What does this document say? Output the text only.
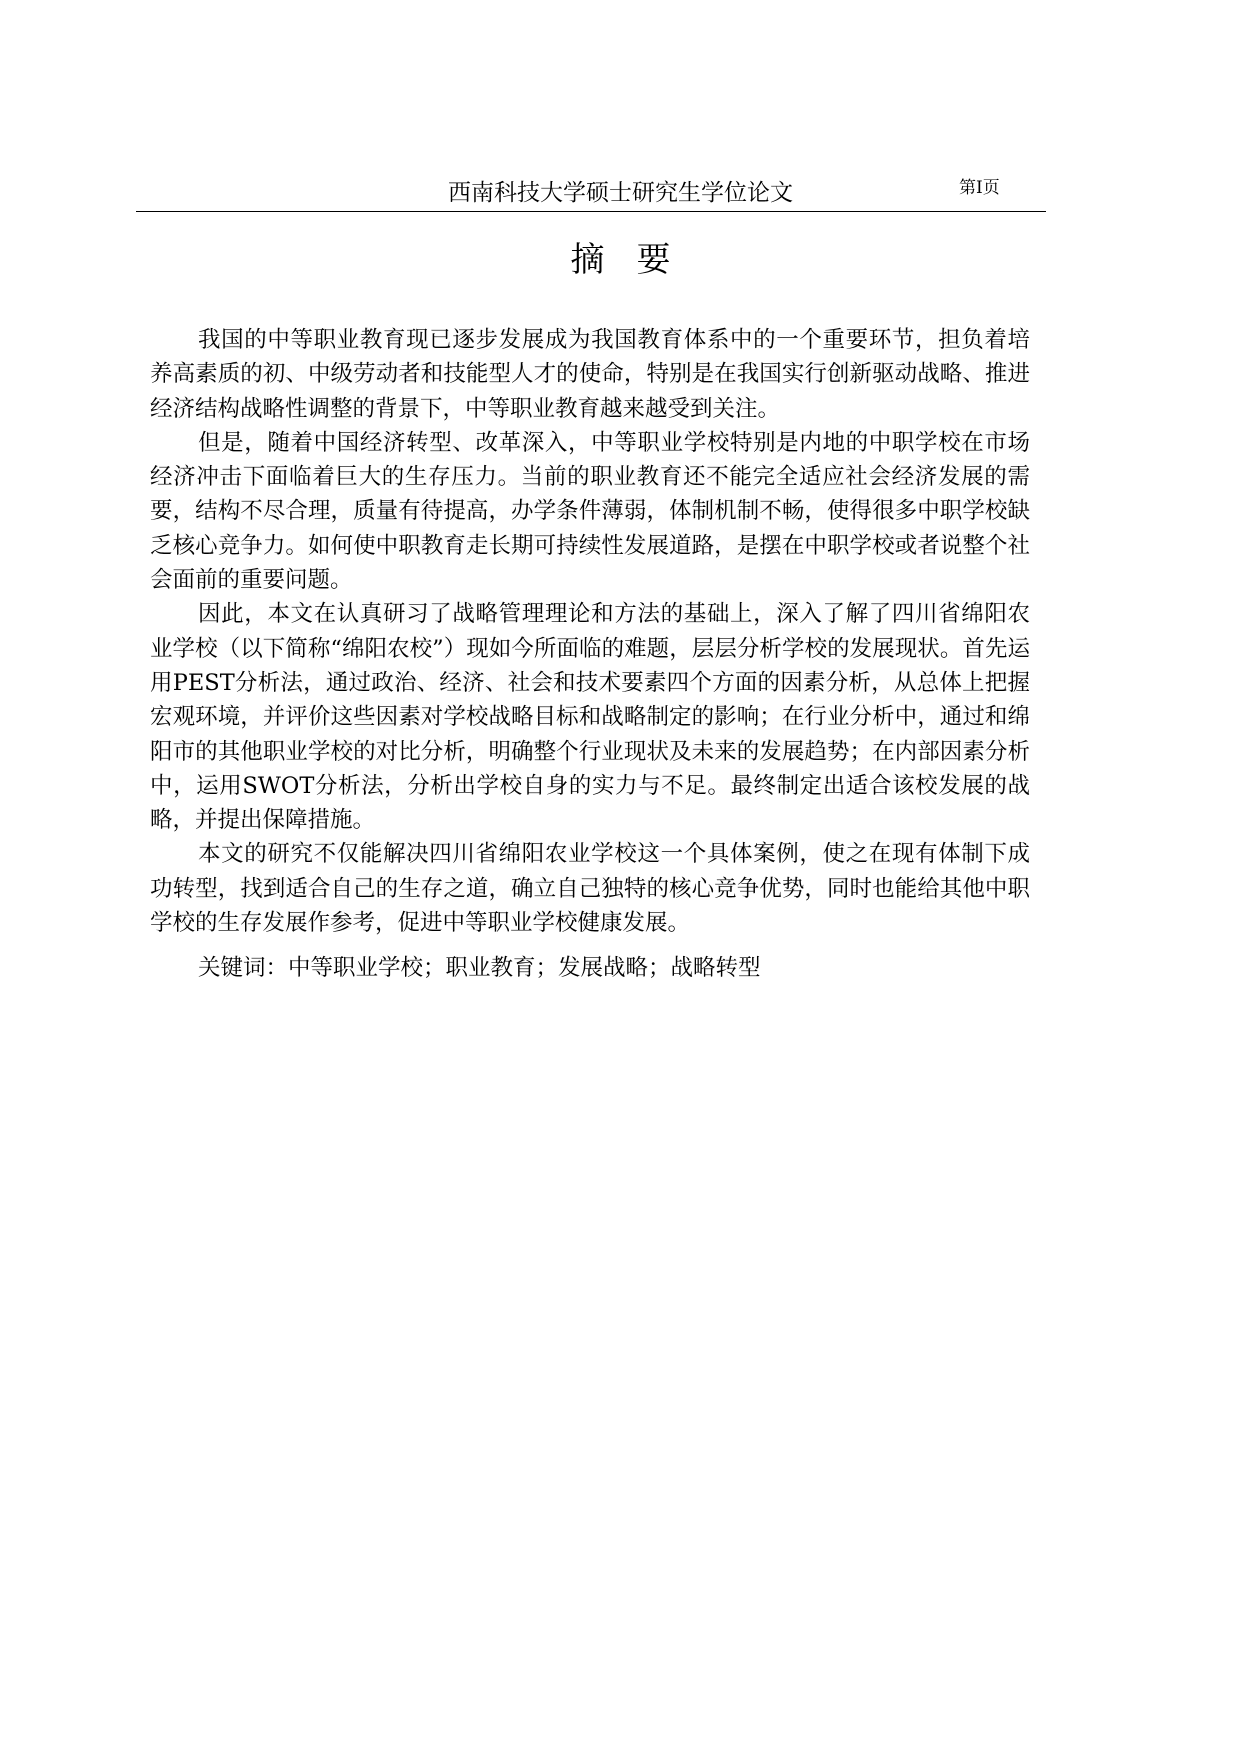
西南科技大学硕士研究生学位论文	第Ⅰ页
摘要

我国的中等职业教育现已逐步发展成为我国教育体系中的一个重要环节，担负着培养高素质的初、中级劳动者和技能型人才的使命，特别是在我国实行创新驱动战略、推进经济结构战略性调整的背景下，中等职业教育越来越受到关注。

但是，随着中国经济转型、改革深入，中等职业学校特别是内地的中职学校在市场经济冲击下面临着巨大的生存压力。当前的职业教育还不能完全适应社会经济发展的需要，结构不尽合理，质量有待提高，办学条件薄弱，体制机制不畅，使得很多中职学校缺乏核心竞争力。如何使中职教育走长期可持续性发展道路，是摆在中职学校或者说整个社会面前的重要问题。

因此，本文在认真研习了战略管理理论和方法的基础上，深入了解了四川省绵阳农业学校（以下简称“绵阳农校”）现如今所面临的难题，层层分析学校的发展现状。首先运用PEST分析法，通过政治、经济、社会和技术要素四个方面的因素分析，从总体上把握宏观环境，并评价这些因素对学校战略目标和战略制定的影响；在行业分析中，通过和绵阳市的其他职业学校的对比分析，明确整个行业现状及未来的发展趋势；在内部因素分析中，运用SWOT分析法，分析出学校自身的实力与不足。最终制定出适合该校发展的战略，并提出保障措施。

本文的研究不仅能解决四川省绵阳农业学校这一个具体案例，使之在现有体制下成功转型，找到适合自己的生存之道，确立自己独特的核心竞争优势，同时也能给其他中职学校的生存发展作参考，促进中等职业学校健康发展。

关键词：中等职业学校；职业教育；发展战略；战略转型
